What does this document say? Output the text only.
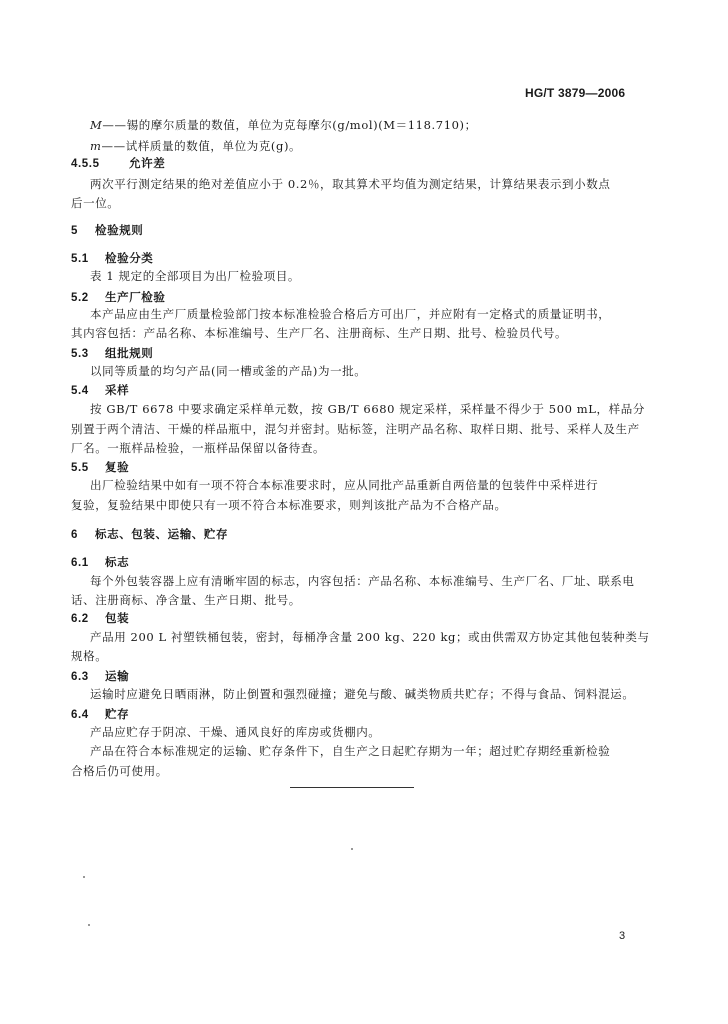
HG/T 3879—2006
M——锡的摩尔质量的数值，单位为克每摩尔(g/mol)(M＝118.710)；
m——试样质量的数值，单位为克(g)。
4.5.5	允许差
两次平行测定结果的绝对差值应小于 0.2％，取其算术平均值为测定结果，计算结果表示到小数点
后一位。
5 检验规则
5.1 检验分类
表 1 规定的全部项目为出厂检验项目。
5.2 生产厂检验
本产品应由生产厂质量检验部门按本标准检验合格后方可出厂，并应附有一定格式的质量证明书，
其内容包括：产品名称、本标准编号、生产厂名、注册商标、生产日期、批号、检验员代号。
5.3 组批规则
以同等质量的均匀产品(同一槽或釜的产品)为一批。
5.4 采样
按 GB/T 6678 中要求确定采样单元数，按 GB/T 6680 规定采样，采样量不得少于 500 mL，样品分
别置于两个清洁、干燥的样品瓶中，混匀并密封。贴标签，注明产品名称、取样日期、批号、采样人及生产
厂名。一瓶样品检验，一瓶样品保留以备待查。
5.5 复验
出厂检验结果中如有一项不符合本标准要求时，应从同批产品重新自两倍量的包装件中采样进行
复验，复验结果中即使只有一项不符合本标准要求，则判该批产品为不合格产品。
6 标志、包装、运输、贮存
6.1 标志
每个外包装容器上应有清晰牢固的标志，内容包括：产品名称、本标准编号、生产厂名、厂址、联系电
话、注册商标、净含量、生产日期、批号。
6.2 包装
产品用 200 L 衬塑铁桶包装，密封，每桶净含量 200 kg、220 kg；或由供需双方协定其他包装种类与
规格。
6.3 运输
运输时应避免日晒雨淋，防止倒置和强烈碰撞；避免与酸、碱类物质共贮存；不得与食品、饲料混运。
6.4 贮存
产品应贮存于阴凉、干燥、通风良好的库房或货棚内。
产品在符合本标准规定的运输、贮存条件下，自生产之日起贮存期为一年；超过贮存期经重新检验
合格后仍可使用。
3
